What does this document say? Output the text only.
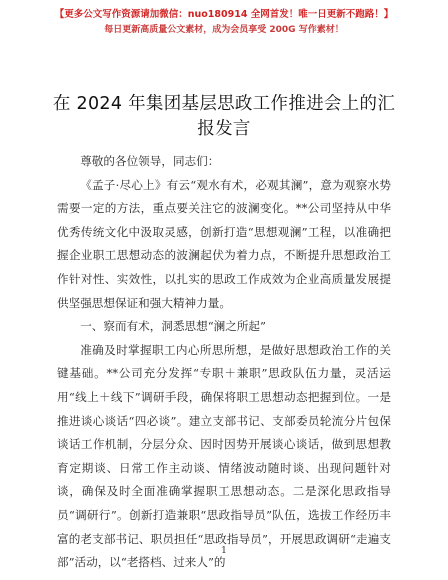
【更多公文写作资源请加微信：nuo180914 全网首发！唯一日更新不跑路！】
每日更新高质量公文素材，成为会员享受 200G 写作素材！
在 2024 年集团基层思政工作推进会上的汇报发言

尊敬的各位领导，同志们：

《孟子·尽心上》有云“观水有术，必观其澜”，意为观察水势需要一定的方法，重点要关注它的波澜变化。**公司坚持从中华优秀传统文化中汲取灵感，创新打造“思想观澜”工程，以准确把握企业职工思想动态的波澜起伏为着力点，不断提升思想政治工作针对性、实效性，以扎实的思政工作成效为企业高质量发展提供坚强思想保证和强大精神力量。

一、察而有术，洞悉思想“澜之所起”

准确及时掌握职工内心所思所想，是做好思想政治工作的关键基础。**公司充分发挥“专职＋兼职”思政队伍力量，灵活运用“线上＋线下”调研手段，确保将职工思想动态把握到位。一是推进谈心谈话“四必谈”。建立支部书记、支部委员轮流分片包保谈话工作机制，分层分众、因时因势开展谈心谈话，做到思想教育定期谈、日常工作主动谈、情绪波动随时谈、出现问题针对谈，确保及时全面准确掌握职工思想动态。二是深化思政指导员“调研行”。创新打造兼职“思政指导员”队伍，选拔工作经历丰富的老支部书记、职员担任“思政指导员”，开展思政调研“走遍支部”活动，以“老搭档、过来人”的

1
